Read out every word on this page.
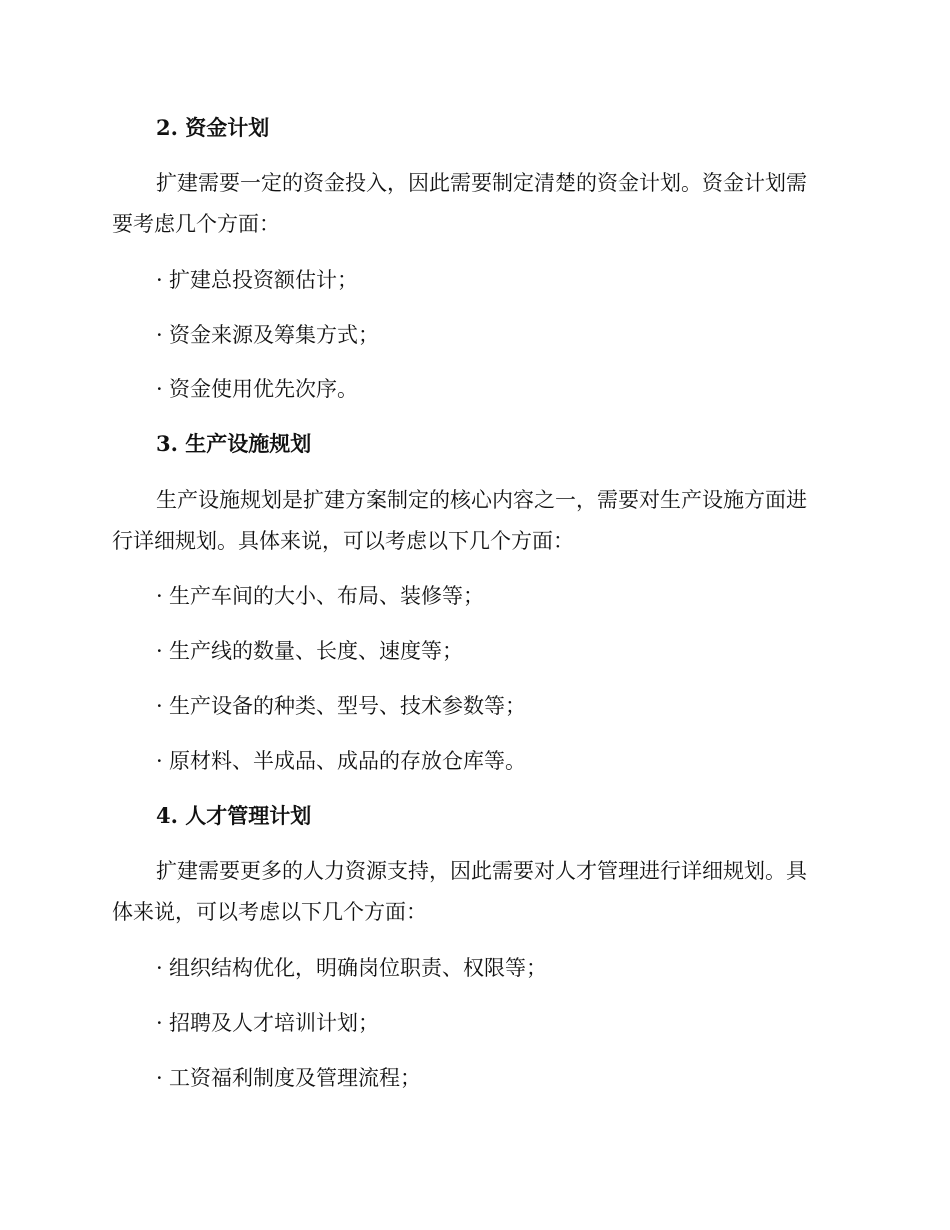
2. 资金计划
扩建需要一定的资金投入，因此需要制定清楚的资金计划。资金计划需
要考虑几个方面：
· 扩建总投资额估计；
· 资金来源及筹集方式；
· 资金使用优先次序。
3. 生产设施规划
生产设施规划是扩建方案制定的核心内容之一，需要对生产设施方面进
行详细规划。具体来说，可以考虑以下几个方面：
· 生产车间的大小、布局、装修等；
· 生产线的数量、长度、速度等；
· 生产设备的种类、型号、技术参数等；
· 原材料、半成品、成品的存放仓库等。
4. 人才管理计划
扩建需要更多的人力资源支持，因此需要对人才管理进行详细规划。具
体来说，可以考虑以下几个方面：
· 组织结构优化，明确岗位职责、权限等；
· 招聘及人才培训计划；
· 工资福利制度及管理流程；
